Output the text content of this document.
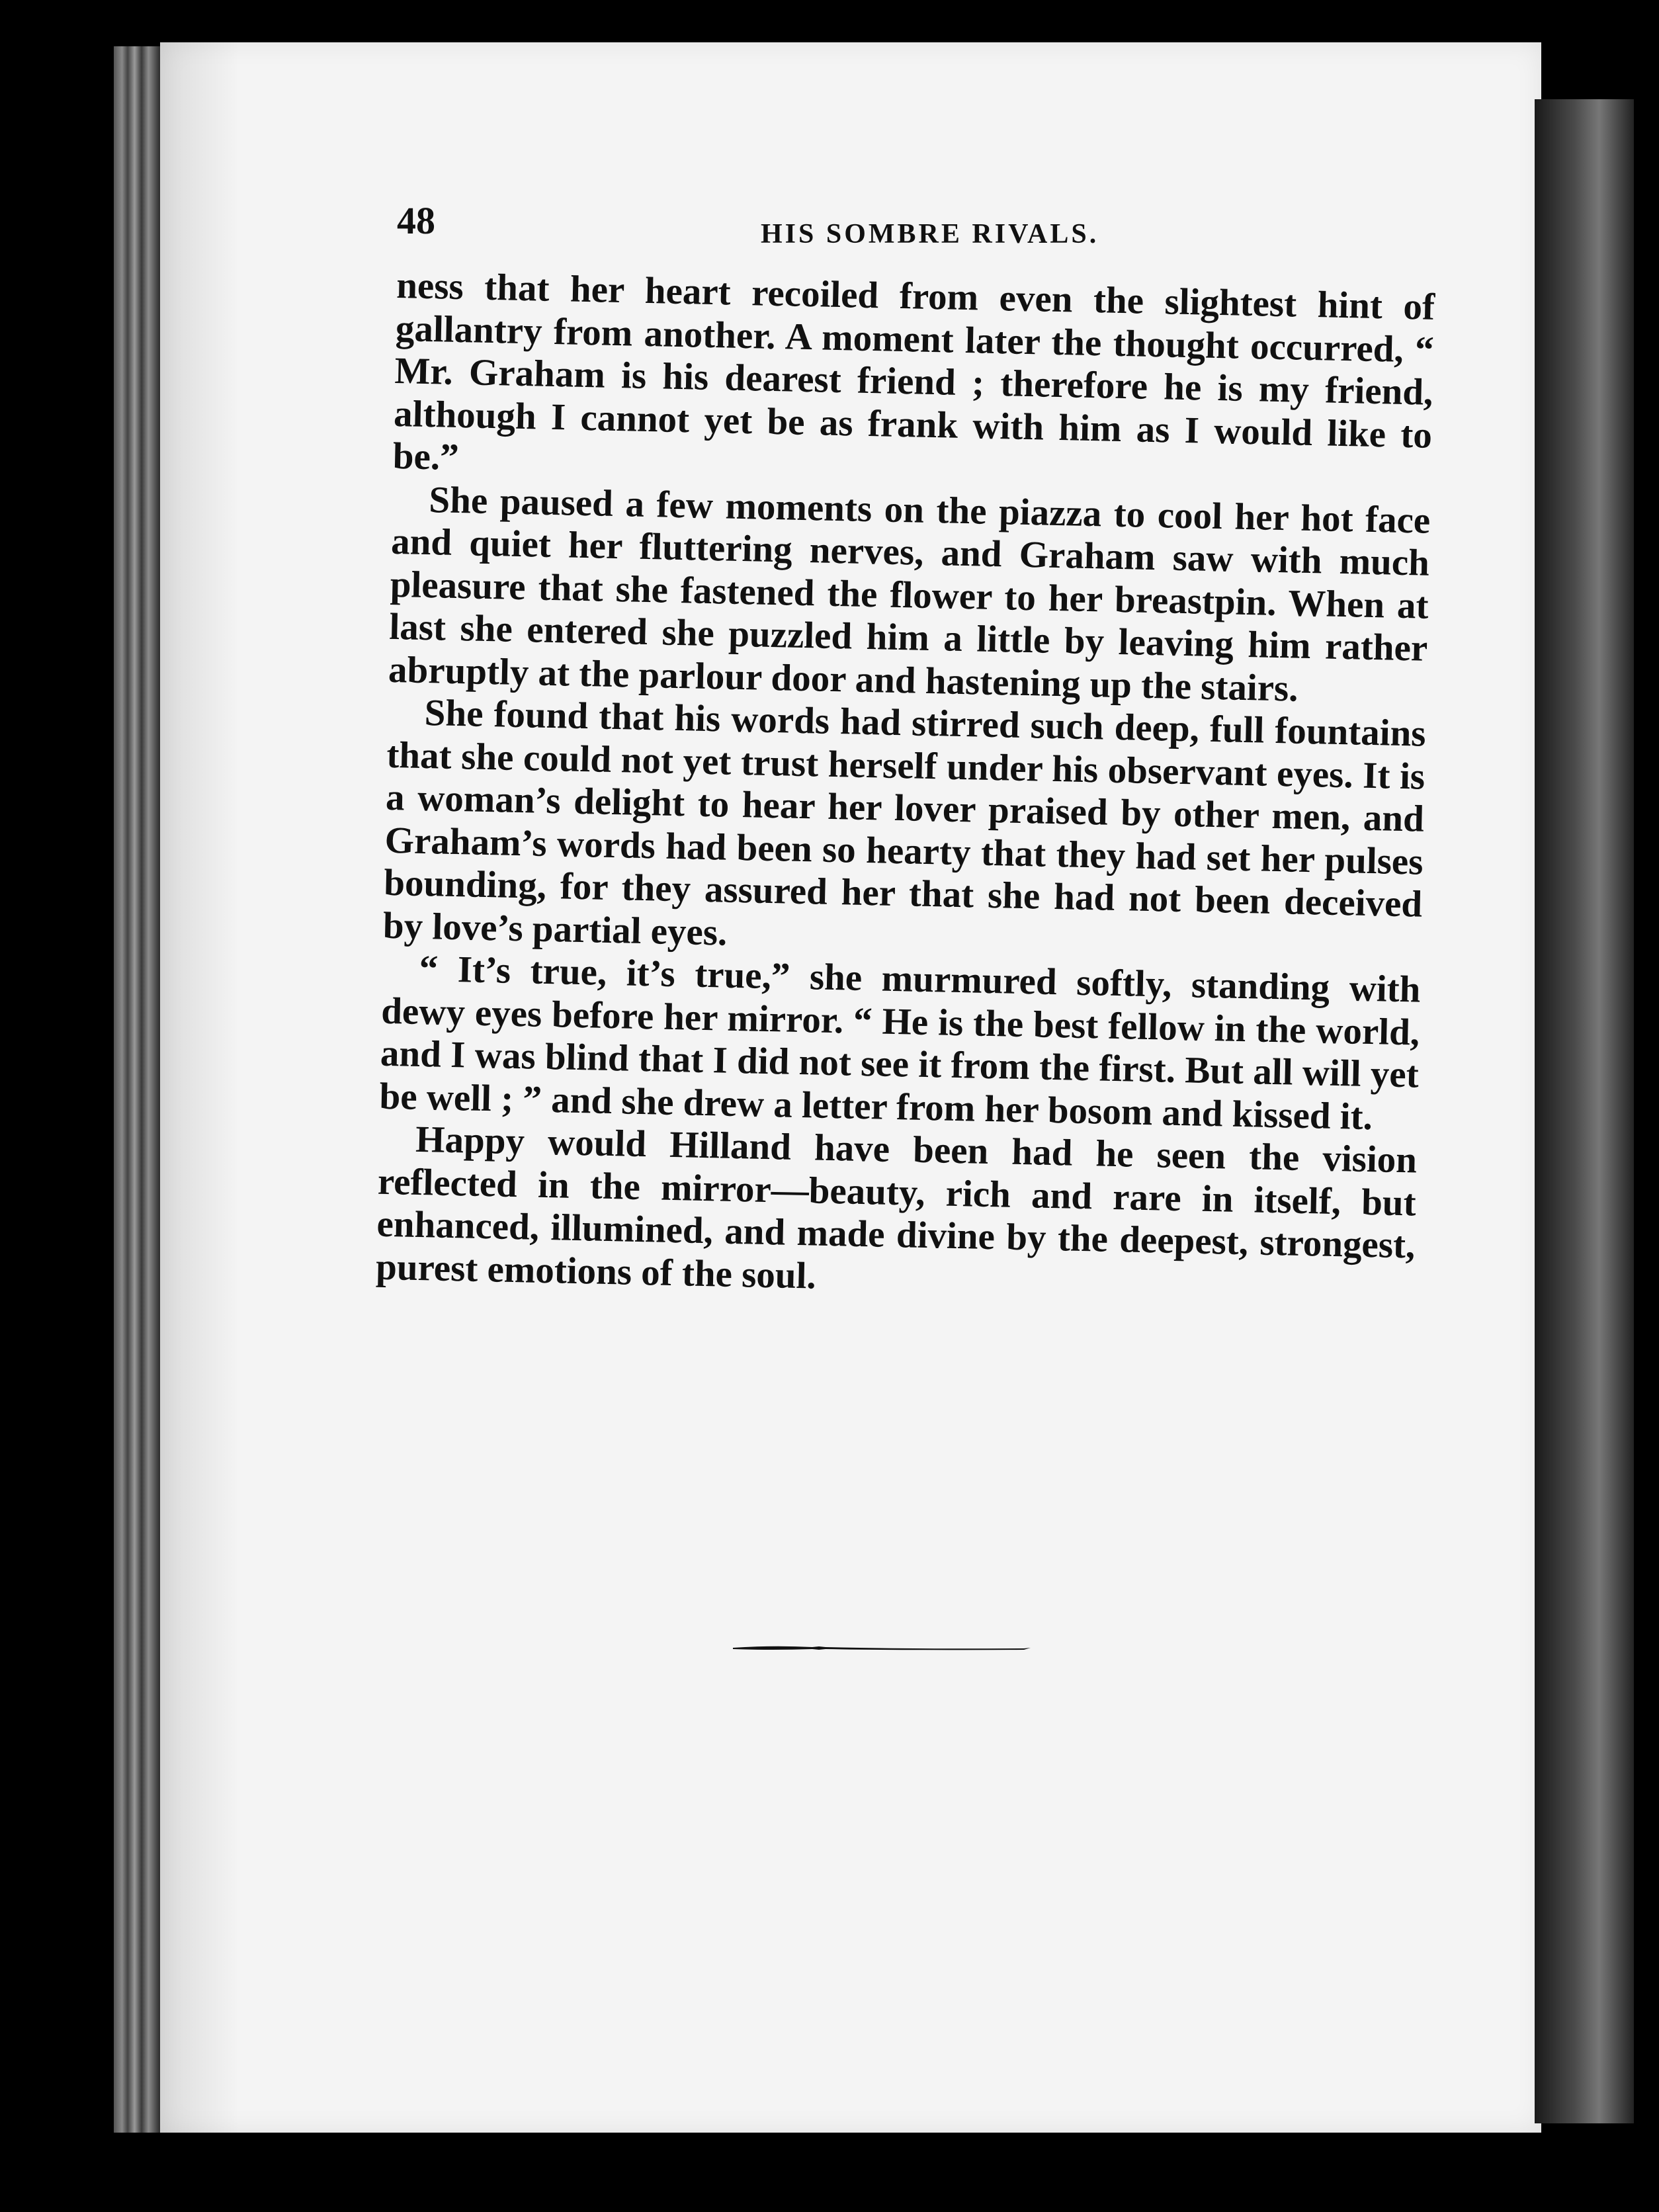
48	HIS SOMBRE RIVALS.

ness that her heart recoiled from even the slightest hint of gallantry from another. A moment later the thought occurred, “ Mr. Graham is his dearest friend ; therefore he is my friend, although I cannot yet be as frank with him as I would like to be.”

She paused a few moments on the piazza to cool her hot face and quiet her fluttering nerves, and Graham saw with much pleasure that she fastened the flower to her breastpin. When at last she entered she puzzled him a little by leaving him rather abruptly at the parlour door and hastening up the stairs.

She found that his words had stirred such deep, full fountains that she could not yet trust herself under his observant eyes. It is a woman’s delight to hear her lover praised by other men, and Graham’s words had been so hearty that they had set her pulses bounding, for they assured her that she had not been deceived by love’s partial eyes.

“ It’s true, it’s true,” she murmured softly, standing with dewy eyes before her mirror. “ He is the best fellow in the world, and I was blind that I did not see it from the first. But all will yet be well ; ” and she drew a letter from her bosom and kissed it.

Happy would Hilland have been had he seen the vision reflected in the mirror—beauty, rich and rare in itself, but enhanced, illumined, and made divine by the deepest, strongest, purest emotions of the soul.
